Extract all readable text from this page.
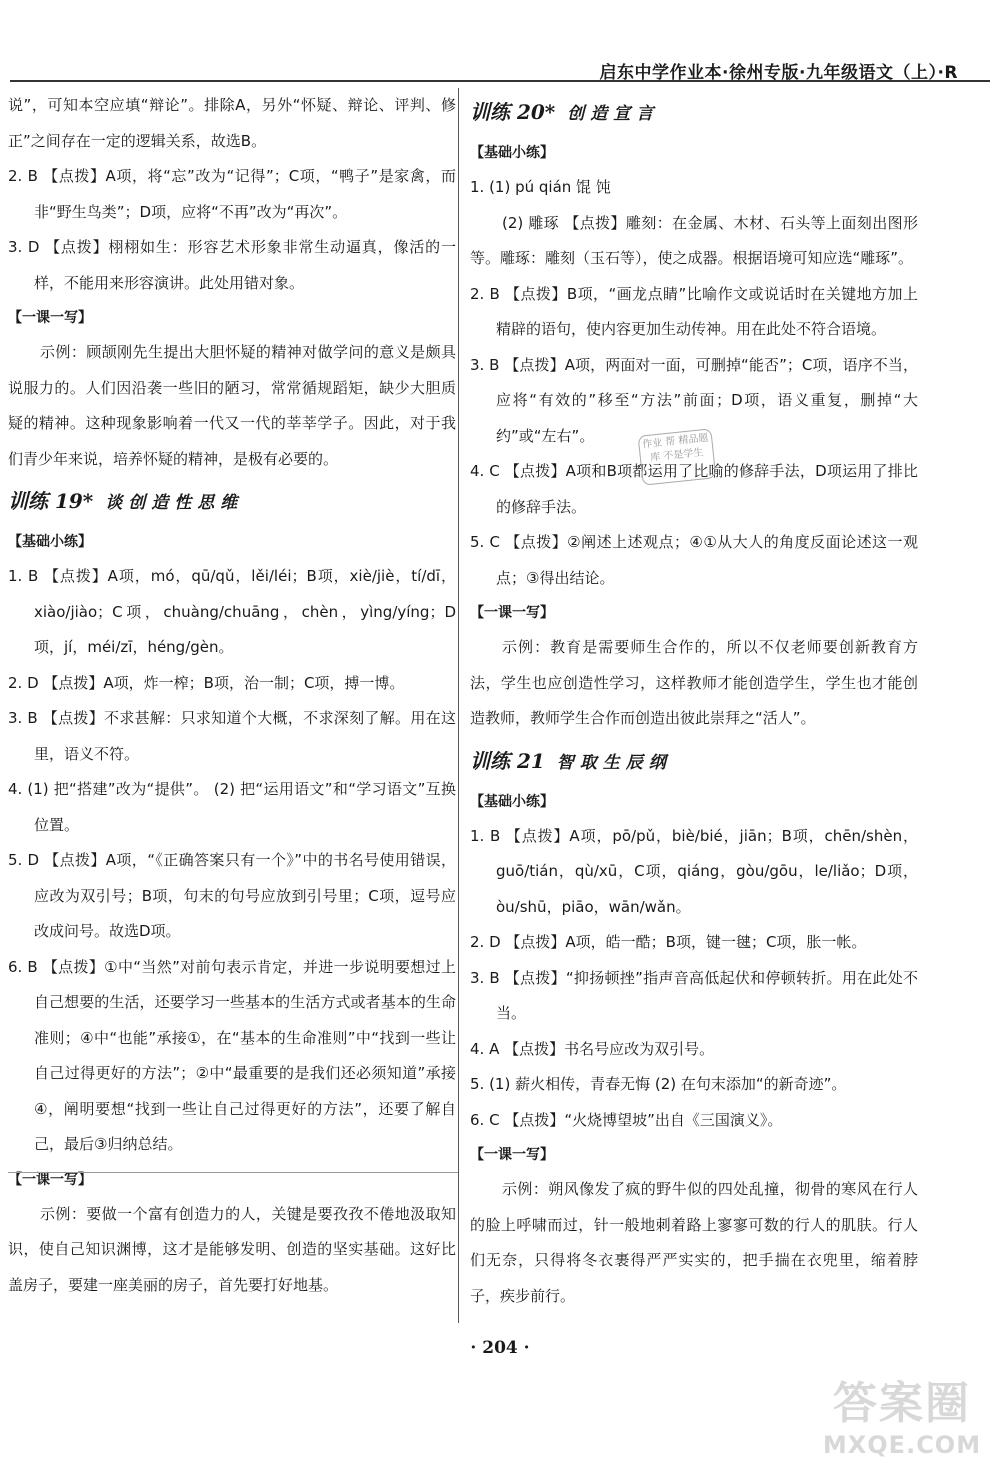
启东中学作业本·徐州专版·九年级语文（上）·R

说”，可知本空应填“辩论”。排除A，另外“怀疑、辩论、评判、修正”之间存在一定的逻辑关系，故选B。

2. B 【点拨】A项，将“忘”改为“记得”；C项，“鸭子”是家禽，而非“野生鸟类”；D项，应将“不再”改为“再次”。

3. D 【点拨】栩栩如生：形容艺术形象非常生动逼真，像活的一样，不能用来形容演讲。此处用错对象。

【一课一写】

示例：顾颉刚先生提出大胆怀疑的精神对做学问的意义是颇具说服力的。人们因沿袭一些旧的陋习，常常循规蹈矩，缺少大胆质疑的精神。这种现象影响着一代又一代的莘莘学子。因此，对于我们青少年来说，培养怀疑的精神，是极有必要的。

训练 19* 谈创造性思维
【基础小练】

1. B 【点拨】A项，mó，qū/qǔ，lěi/léi；B项，xiè/jiè，tí/dī，xiào/jiào；C项，chuàng/chuāng，chèn，yìng/yíng；D项，jí，méi/zī，héng/gèn。

2. D 【点拨】A项，炸一榨；B项，治一制；C项，搏一博。

3. B 【点拨】不求甚解：只求知道个大概，不求深刻了解。用在这里，语义不符。

4. (1) 把“搭建”改为“提供”。 (2) 把“运用语文”和“学习语文”互换位置。

5. D 【点拨】A项，“《正确答案只有一个》”中的书名号使用错误，应改为双引号；B项，句末的句号应放到引号里；C项，逗号应改成问号。故选D项。

6. B 【点拨】①中“当然”对前句表示肯定，并进一步说明要想过上自己想要的生活，还要学习一些基本的生活方式或者基本的生命准则；④中“也能”承接①，在“基本的生命准则”中“找到一些让自己过得更好的方法”；②中“最重要的是我们还必须知道”承接④，阐明要想“找到一些让自己过得更好的方法”，还要了解自己，最后③归纳总结。

【一课一写】

示例：要做一个富有创造力的人，关键是要孜孜不倦地汲取知识，使自己知识渊博，这才是能够发明、创造的坚实基础。这好比盖房子，要建一座美丽的房子，首先要打好地基。

训练 20* 创造宣言
【基础小练】

1. (1) pú qián 馄 饨

(2) 雕琢 【点拨】雕刻：在金属、木材、石头等上面刻出图形等。雕琢：雕刻（玉石等），使之成器。根据语境可知应选“雕琢”。

2. B 【点拨】B项，“画龙点睛”比喻作文或说话时在关键地方加上精辟的语句，使内容更加生动传神。用在此处不符合语境。

3. B 【点拨】A项，两面对一面，可删掉“能否”；C项，语序不当，应将“有效的”移至“方法”前面；D项，语义重复，删掉“大约”或“左右”。

4. C 【点拨】A项和B项都运用了比喻的修辞手法，D项运用了排比的修辞手法。

5. C 【点拨】②阐述上述观点；④①从大人的角度反面论述这一观点；③得出结论。

【一课一写】

示例：教育是需要师生合作的，所以不仅老师要创新教育方法，学生也应创造性学习，这样教师才能创造学生，学生也才能创造教师，教师学生合作而创造出彼此崇拜之“活人”。

训练 21 智取生辰纲
【基础小练】

1. B 【点拨】A项，pō/pǔ，biè/bié，jiān；B项，chēn/shèn，guō/tián，qù/xū，C项，qiáng，gòu/gōu，le/liǎo；D项，òu/shū，piāo，wān/wǎn。

2. D 【点拨】A项，皓一酷；B项，键一毽；C项，胀一帐。

3. B 【点拨】“抑扬顿挫”指声音高低起伏和停顿转折。用在此处不当。

4. A 【点拨】书名号应改为双引号。

5. (1) 薪火相传，青春无悔 (2) 在句末添加“的新奇迹”。

6. C 【点拨】“火烧博望坡”出自《三国演义》。

【一课一写】

示例：朔风像发了疯的野牛似的四处乱撞，彻骨的寒风在行人的脸上呼啸而过，针一般地刺着路上寥寥可数的行人的肌肤。行人们无奈，只得将冬衣裹得严严实实的，把手揣在衣兜里，缩着脖子，疾步前行。

作业 帮 精品题库 不是学生
· 204 ·
答案圈
MXQE.COM
